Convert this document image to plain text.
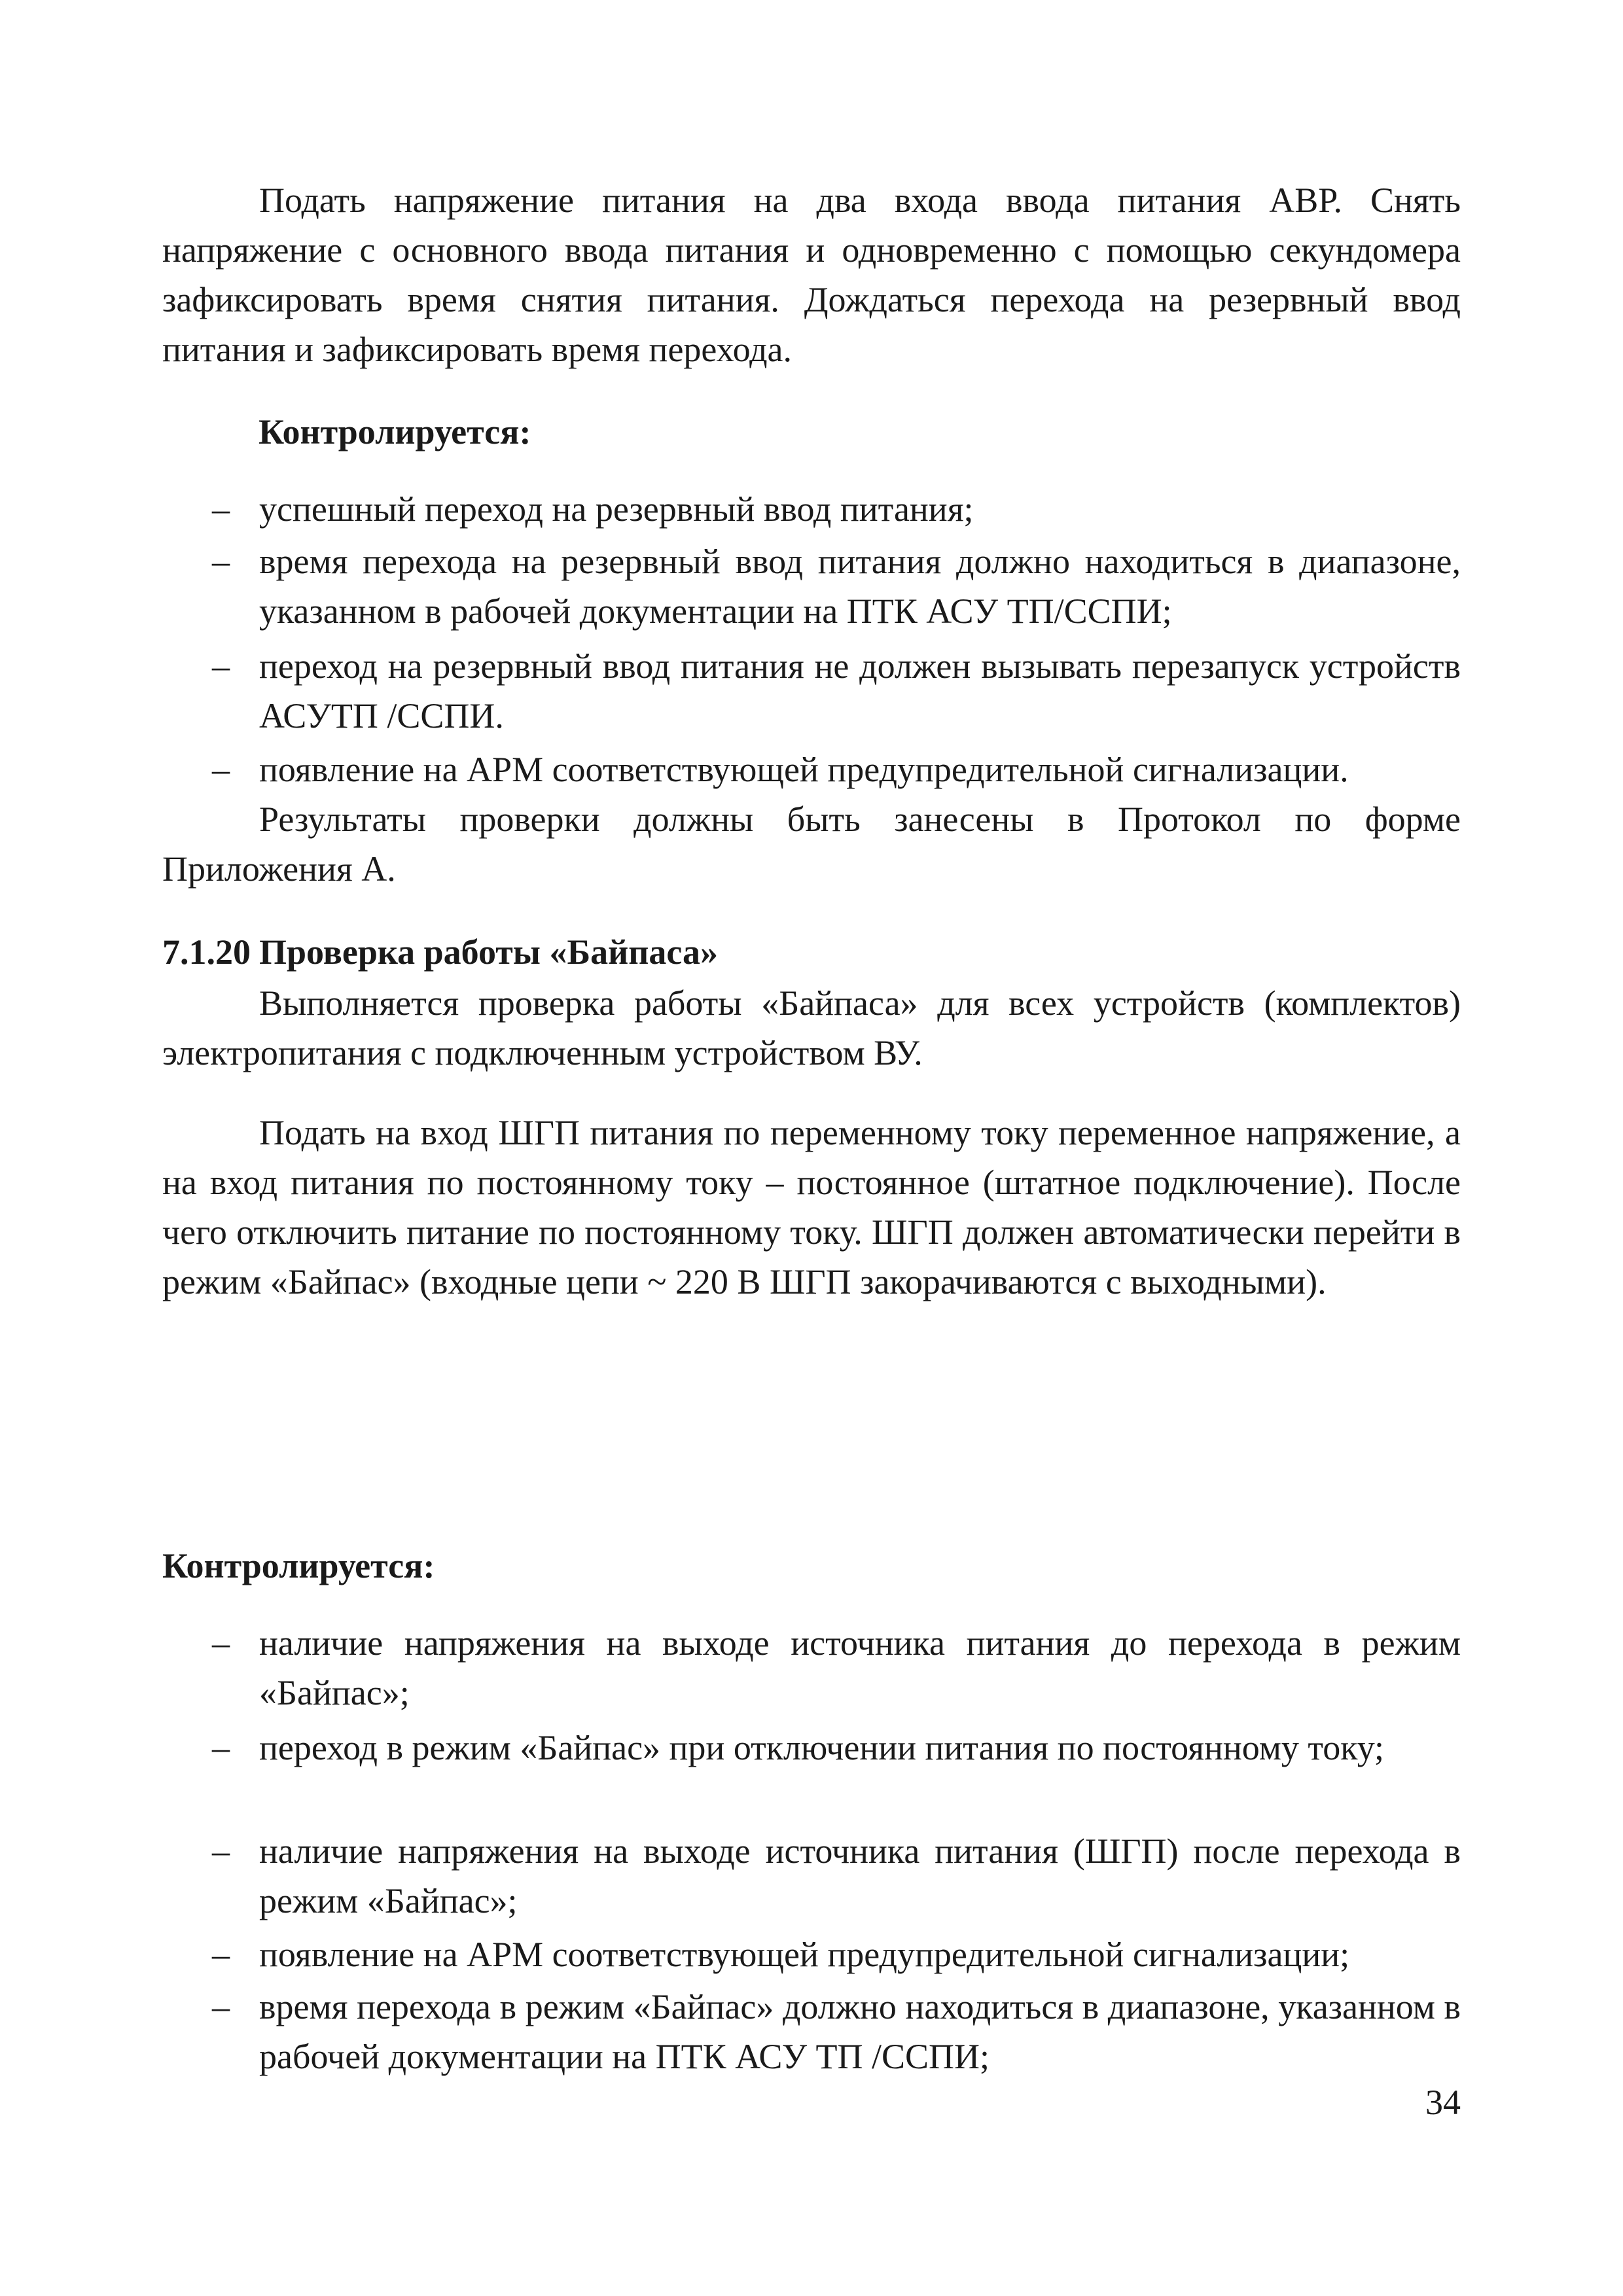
Подать напряжение питания на два входа ввода питания АВР. Снять напряжение с основного ввода питания и одновременно с помощью секундомера зафиксировать время снятия питания. Дождаться перехода на резервный ввод питания и зафиксировать время перехода.

Контролируется:

– успешный переход на резервный ввод питания;
– время перехода на резервный ввод питания должно находиться в диапазоне, указанном в рабочей документации на ПТК АСУ ТП/ССПИ;
– переход на резервный ввод питания не должен вызывать перезапуск устройств АСУТП /ССПИ.
– появление на АРМ соответствующей предупредительной сигнализации.

Результаты проверки должны быть занесены в Протокол по форме Приложения А.

7.1.20 Проверка работы «Байпаса»

Выполняется проверка работы «Байпаса» для всех устройств (комплектов) электропитания с подключенным устройством ВУ.

Подать на вход ШГП питания по переменному току переменное напряжение, а на вход питания по постоянному току – постоянное (штатное подключение). После чего отключить питание по постоянному току. ШГП должен автоматически перейти в режим «Байпас» (входные цепи ~ 220 В ШГП закорачиваются с выходными).

Контролируется:

– наличие напряжения на выходе источника питания до перехода в режим «Байпас»;
– переход в режим «Байпас» при отключении питания по постоянному току;
– наличие напряжения на выходе источника питания (ШГП) после перехода в режим «Байпас»;
– появление на АРМ соответствующей предупредительной сигнализации;
– время перехода в режим «Байпас» должно находиться в диапазоне, указанном в рабочей документации на ПТК АСУ ТП /ССПИ;
34
